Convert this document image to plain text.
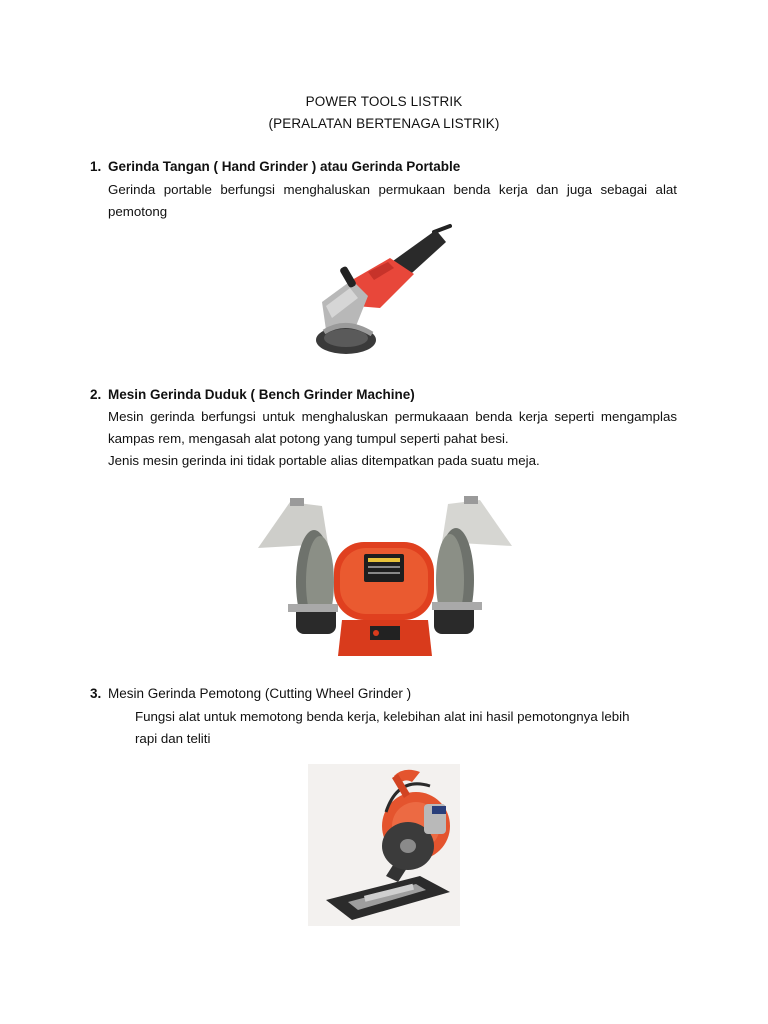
POWER TOOLS LISTRIK
(PERALATAN BERTENAGA LISTRIK)
1. Gerinda Tangan ( Hand Grinder ) atau Gerinda Portable
Gerinda portable berfungsi menghaluskan permukaan benda kerja dan juga sebagai alat pemotong
2. Mesin Gerinda Duduk ( Bench Grinder Machine)
Mesin gerinda berfungsi untuk menghaluskan permukaaan benda kerja seperti mengamplas kampas rem, mengasah alat potong yang tumpul seperti pahat besi.
Jenis mesin gerinda ini tidak portable alias ditempatkan pada suatu meja.
3. Mesin Gerinda Pemotong (Cutting Wheel Grinder )
Fungsi alat untuk memotong benda kerja, kelebihan alat ini hasil pemotongnya lebih
rapi dan teliti
